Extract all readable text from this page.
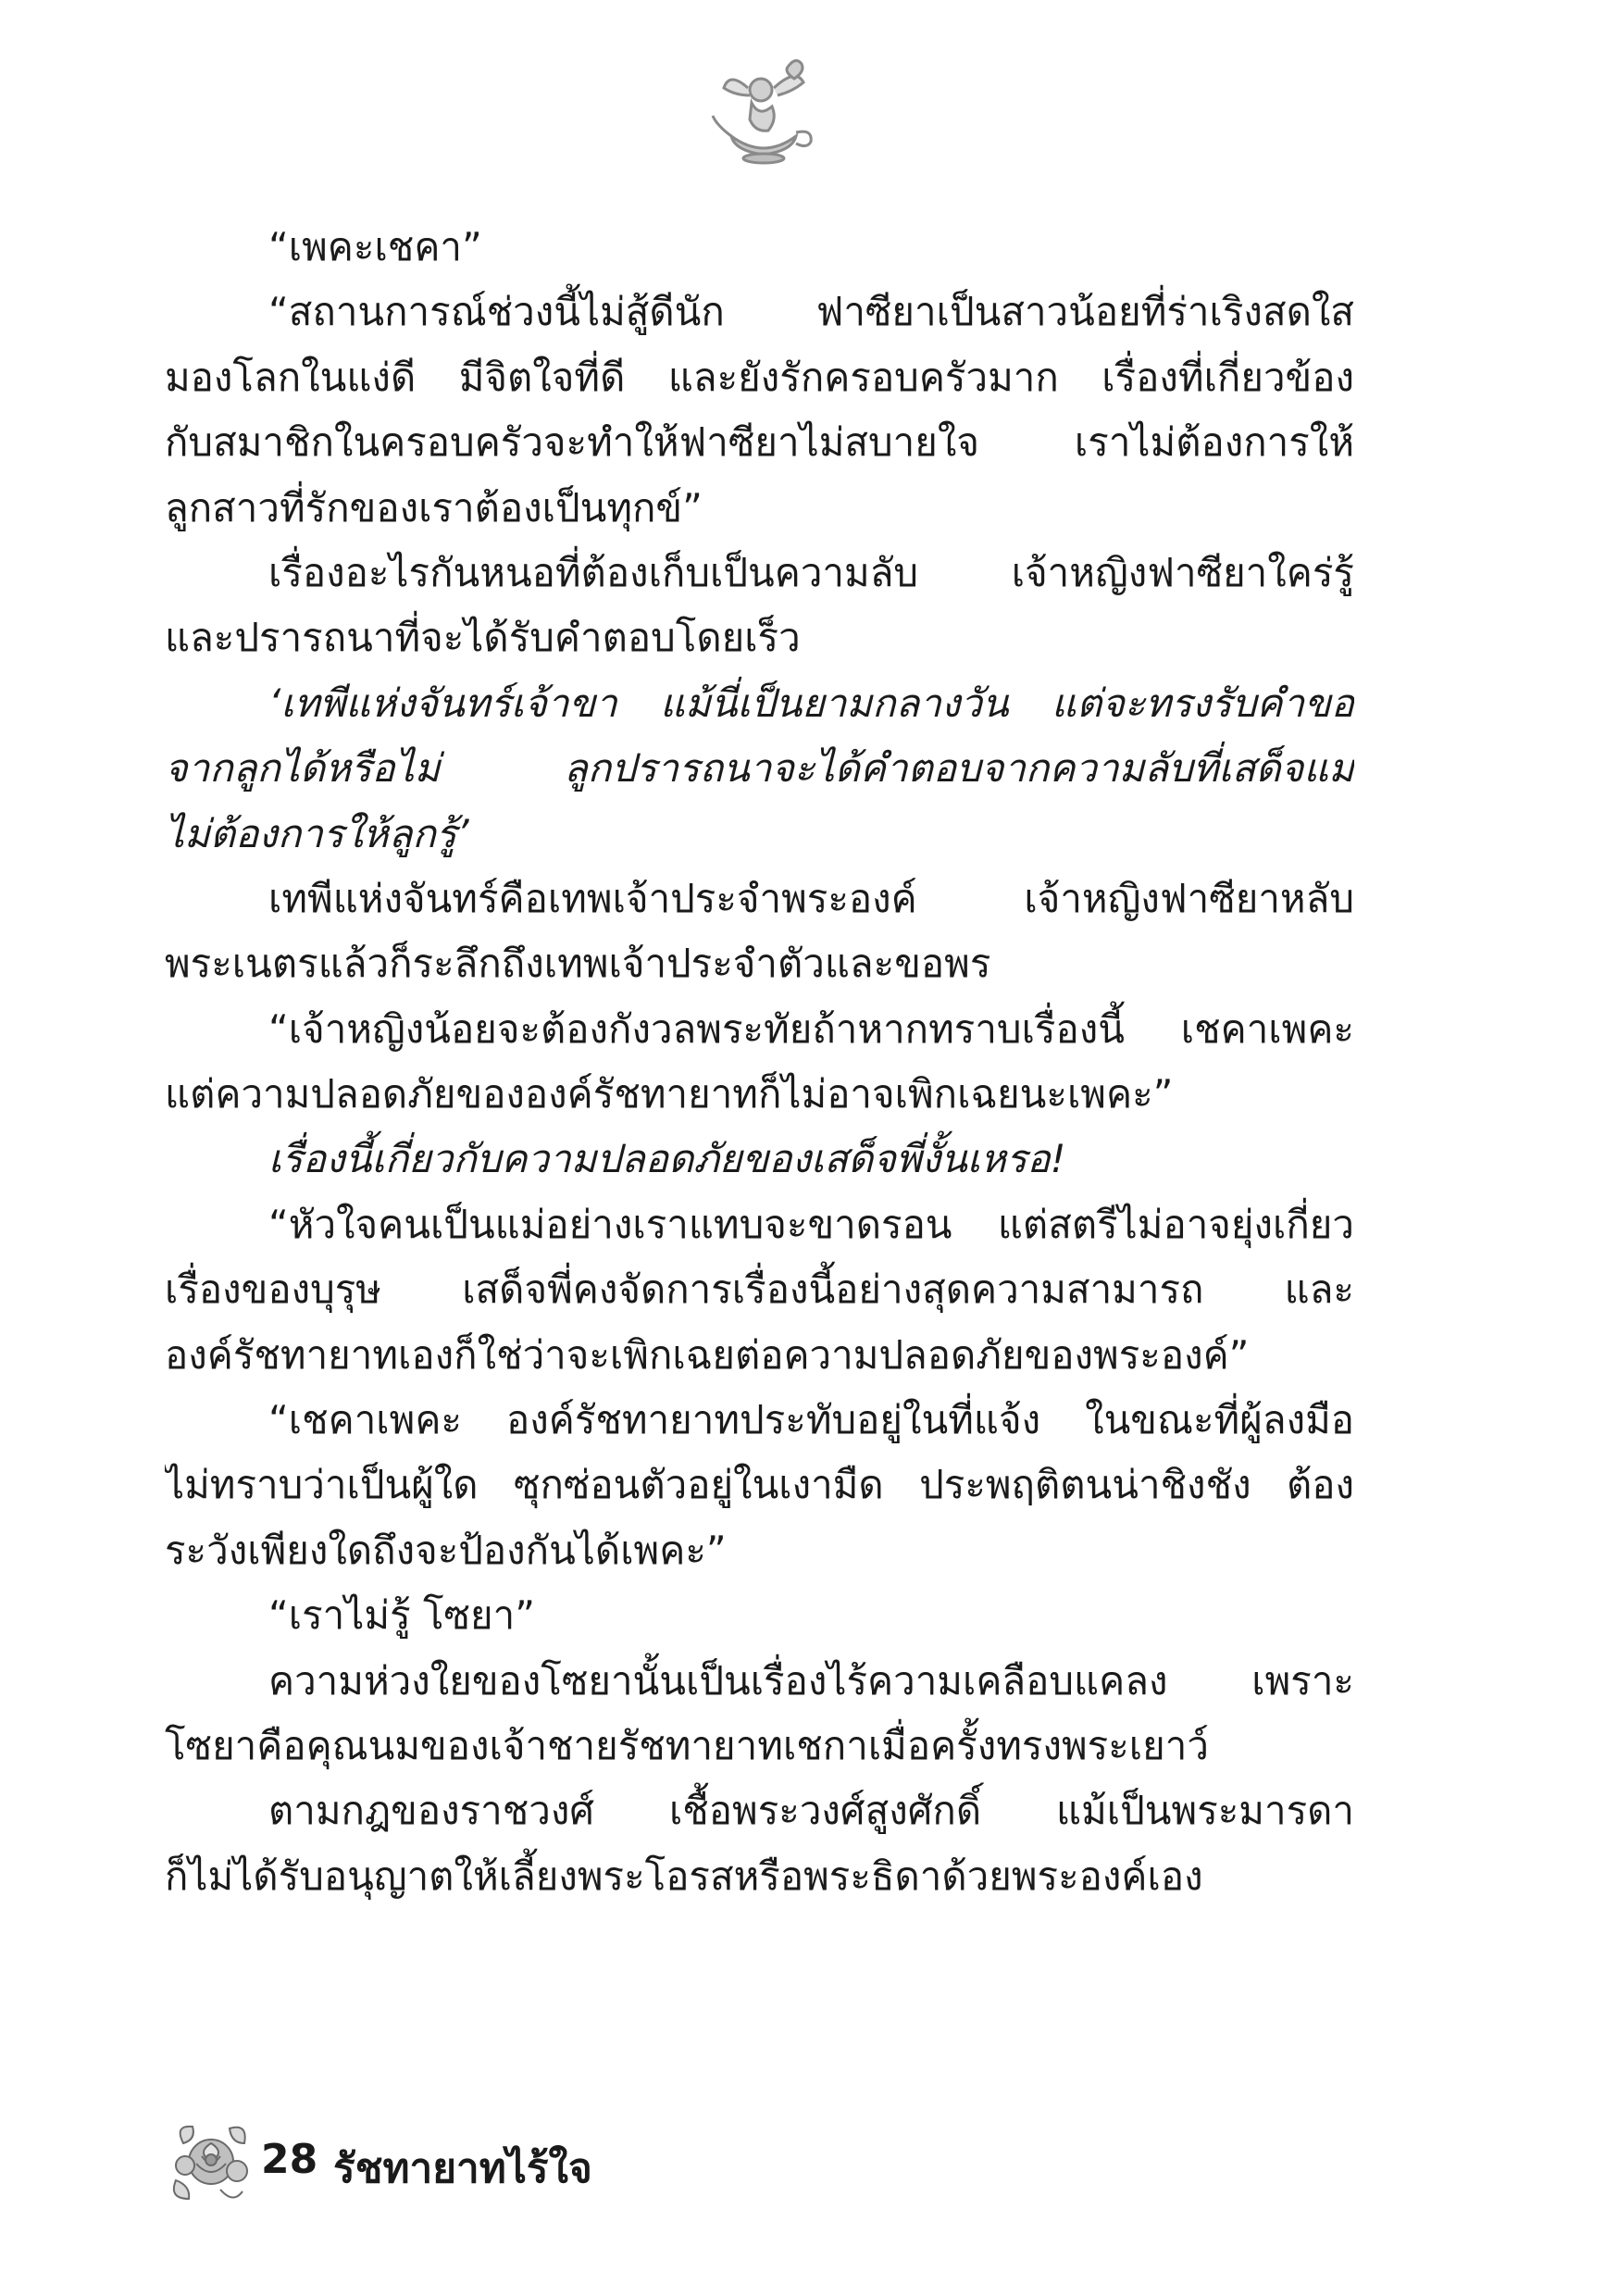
“เพคะเชคา”
“สถานการณ์ช่วงนี้ไม่สู้ดีนัก ฟาซียาเป็นสาวน้อยที่ร่าเริงสดใส
มองโลกในแง่ดี มีจิตใจที่ดี และยังรักครอบครัวมาก เรื่องที่เกี่ยวข้อง
กับสมาชิกในครอบครัวจะทำให้ฟาซียาไม่สบายใจ เราไม่ต้องการให้
ลูกสาวที่รักของเราต้องเป็นทุกข์”
เรื่องอะไรกันหนอที่ต้องเก็บเป็นความลับ เจ้าหญิงฟาซียาใคร่รู้
และปรารถนาที่จะได้รับคำตอบโดยเร็ว
‘เทพีแห่งจันทร์เจ้าขา แม้นี่เป็นยามกลางวัน แต่จะทรงรับคำขอ
จากลูกได้หรือไม่ ลูกปรารถนาจะได้คำตอบจากความลับที่เสด็จแม่
ไม่ต้องการให้ลูกรู้’
เทพีแห่งจันทร์คือเทพเจ้าประจำพระองค์ เจ้าหญิงฟาซียาหลับ
พระเนตรแล้วก็ระลึกถึงเทพเจ้าประจำตัวและขอพร
“เจ้าหญิงน้อยจะต้องกังวลพระทัยถ้าหากทราบเรื่องนี้ เชคาเพคะ
แต่ความปลอดภัยขององค์รัชทายาทก็ไม่อาจเพิกเฉยนะเพคะ”
เรื่องนี้เกี่ยวกับความปลอดภัยของเสด็จพี่งั้นเหรอ!
“หัวใจคนเป็นแม่อย่างเราแทบจะขาดรอน แต่สตรีไม่อาจยุ่งเกี่ยว
เรื่องของบุรุษ เสด็จพี่คงจัดการเรื่องนี้อย่างสุดความสามารถ และ
องค์รัชทายาทเองก็ใช่ว่าจะเพิกเฉยต่อความปลอดภัยของพระองค์”
“เชคาเพคะ องค์รัชทายาทประทับอยู่ในที่แจ้ง ในขณะที่ผู้ลงมือ
ไม่ทราบว่าเป็นผู้ใด ซุกซ่อนตัวอยู่ในเงามืด ประพฤติตนน่าชิงชัง ต้อง
ระวังเพียงใดถึงจะป้องกันได้เพคะ”
“เราไม่รู้ โซยา”
ความห่วงใยของโซยานั้นเป็นเรื่องไร้ความเคลือบแคลง เพราะ
โซยาคือคุณนมของเจ้าชายรัชทายาทเชกาเมื่อครั้งทรงพระเยาว์
ตามกฎของราชวงศ์ เชื้อพระวงศ์สูงศักดิ์ แม้เป็นพระมารดา
ก็ไม่ได้รับอนุญาตให้เลี้ยงพระโอรสหรือพระธิดาด้วยพระองค์เอง
28 รัชทายาทไร้ใจ
